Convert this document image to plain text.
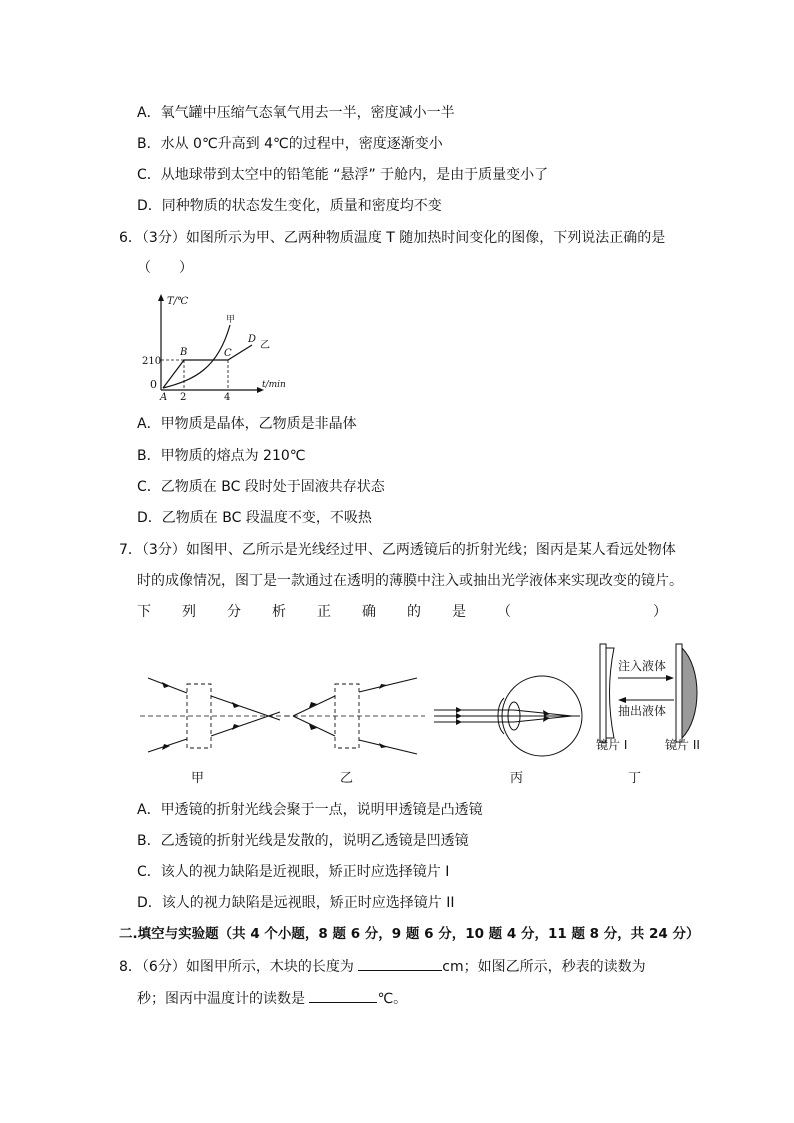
A．氧气罐中压缩气态氧气用去一半，密度减小一半
B．水从 0℃升高到 4℃的过程中，密度逐渐变小
C．从地球带到太空中的铅笔能 “悬浮” 于舱内，是由于质量变小了
D．同种物质的状态发生变化，质量和密度均不变
6．（3分）如图所示为甲、乙两种物质温度 T 随加热时间变化的图像，下列说法正确的是
（　　）
T/℃
t/min
0
210
2	4
A
B	C
D
甲
乙
A．甲物质是晶体，乙物质是非晶体
B．甲物质的熔点为 210℃
C．乙物质在 BC 段时处于固液共存状态
D．乙物质在 BC 段温度不变，不吸热
7．（3分）如图甲、乙所示是光线经过甲、乙两透镜后的折射光线；图丙是某人看远处物体
时的成像情况，图丁是一款通过在透明的薄膜中注入或抽出光学液体来实现改变的镜片。
下 列 分 析 正 确 的 是 （	）
甲	乙	丙
注入液体
抽出液体
镜片 I	镜片 II
丁
A．甲透镜的折射光线会聚于一点，说明甲透镜是凸透镜
B．乙透镜的折射光线是发散的，说明乙透镜是凹透镜
C．该人的视力缺陷是近视眼，矫正时应选择镜片 I
D．该人的视力缺陷是远视眼，矫正时应选择镜片 II
二.填空与实验题（共 4 个小题，8 题 6 分，9 题 6 分，10 题 4 分，11 题 8 分，共 24 分）
8．（6分）如图甲所示，木块的长度为	cm；如图乙所示，秒表的读数为
秒；图丙中温度计的读数是	℃。
